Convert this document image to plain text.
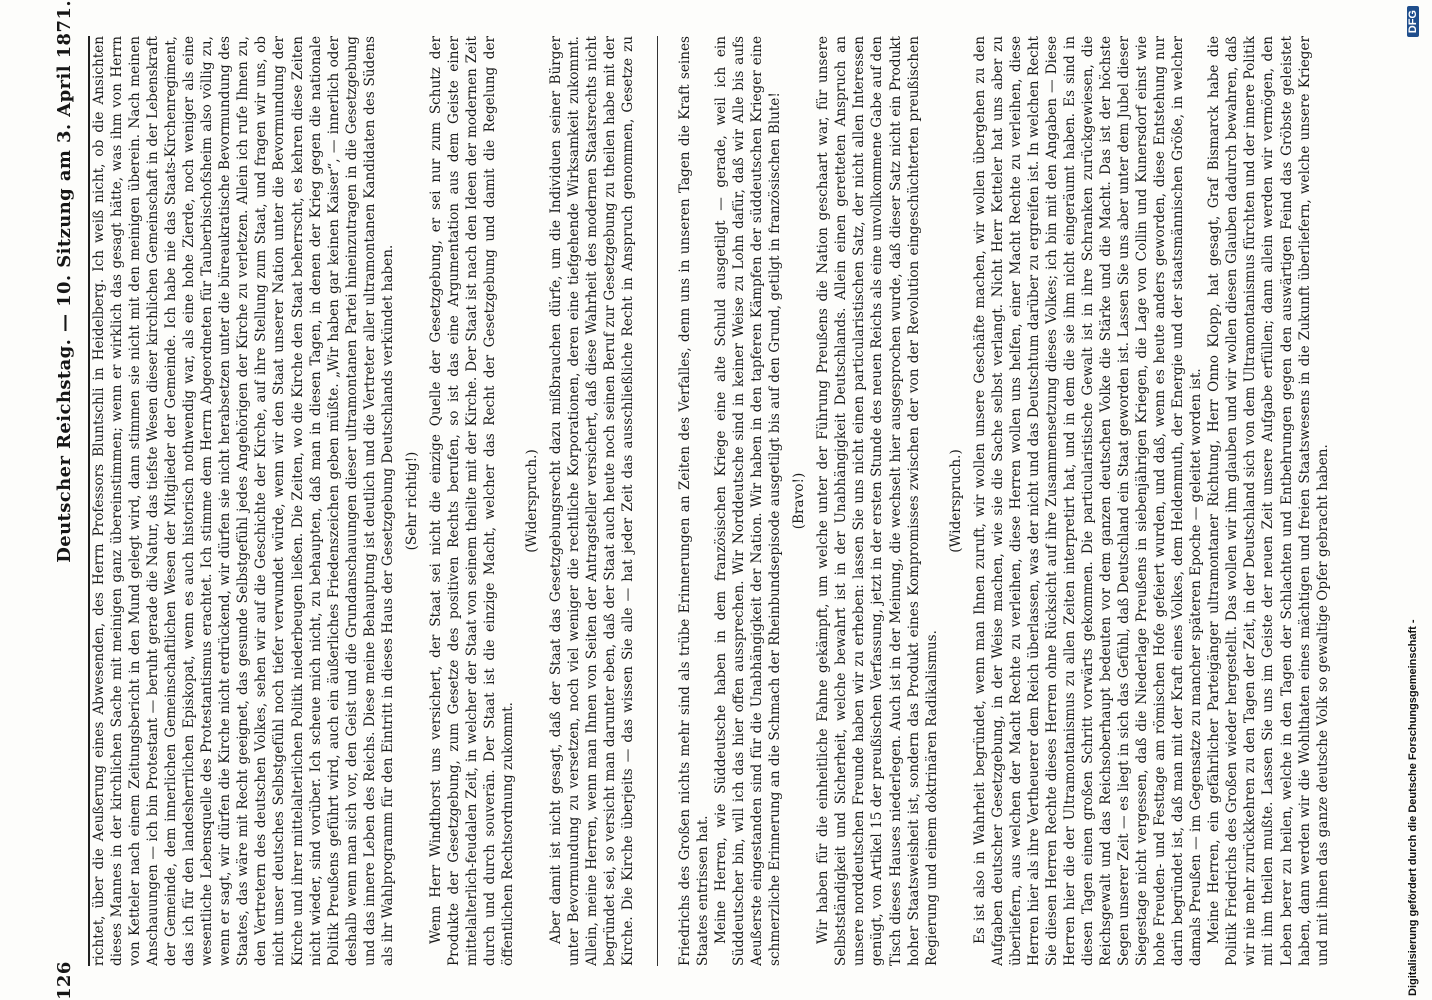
126
Deutscher Reichstag. — 10. Sitzung am 3. April 1871. richtet, über die Aeußerung eines Abwesenden, des Herrn Professors Bluntschli in Heidelberg. Ich weiß nicht, ob die Ansichten dieses Mannes in der kirchlichen Sache mit meinigen ganz übereinstimmen; wenn er wirklich das gesagt hätte, was ihm von Herrn von Ketteler nach einem Zeitungsbericht in den Mund gelegt wird, dann stimmen sie nicht mit den meinigen überein. Nach meinen Anschauungen — ich bin Protestant — beruht gerade die Natur, das tiefste Wesen dieser kirchlichen Gemeinschaft in der Lebenskraft der Gemeinde, dem innerlichen Gemeinschaftlichen Wesen der Mitglieder der Gemeinde. Ich habe nie das Staats-Kirchenregiment, das ich für den landesherrlichen Episkopat, wenn es auch historisch nothwendig war, als eine hohe Zierde, noch weniger als eine wesentliche Lebensquelle des Protestantismus erachtet. Ich stimme dem Herrn Abgeordneten für Tauberbischofsheim also völlig zu, wenn er sagt, wir dürfen die Kirche nicht erdrückend, wir dürfen sie nicht herabsetzen unter die büreaukratische Bevormundung des Staates, das wäre mit Recht geeignet, das gesunde Selbstgefühl jedes Angehörigen der Kirche zu verletzen. Allein ich rufe Ihnen zu, den Vertretern des deutschen Volkes, sehen wir auf die Geschichte der Kirche, auf ihre Stellung zum Staat, und fragen wir uns, ob nicht unser deutsches Selbstgefühl noch tiefer verwundet würde, wenn wir den Staat unserer Nation unter die Bevormundung der Kirche und ihrer mittelalterlichen Politik niederbeugen ließen. Die Zeiten, wo die Kirche den Staat beherrscht, es kehren diese Zeiten nicht wieder, sind vorüber. Ich scheue mich nicht, zu behaupten, daß man in diesen Tagen, in denen der Krieg gegen die nationale Politik Preußens geführt wird, auch ein äußerliches Friedenszeichen geben müßte. „Wir haben gar keinen Kaiser“, — innerlich oder deshalb wenn man sich vor, den Geist und die Grundanschauungen dieser ultramontanen Partei hineinzutragen in die Gesetzgebung und das innere Leben des Reichs. Diese meine Behauptung ist deutlich und die Vertreter aller ultramontanen Kandidaten des Südens als ihr Wahlprogramm für den Eintritt in dieses Haus der Gesetzgebung Deutschlands verkündet haben. (Sehr richtig!) Wenn Herr Windthorst uns versichert, der Staat sei nicht die einzige Quelle der Gesetzgebung, er sei nur zum Schutz der Produkte der Gesetzgebung, zum Gesetze des positiven Rechts berufen, so ist das eine Argumentation aus dem Geiste einer mittelalterlich-feudalen Zeit, in welcher der Staat von seinem theilte mit der Kirche. Der Staat ist nach den Ideen der modernen Zeit durch und durch souverän. Der Staat ist die einzige Macht, welcher das Recht der Gesetzgebung und damit die Regelung der öffentlichen Rechtsordnung zukommt.

(Widerspruch.)

Aber damit ist nicht gesagt, daß der Staat das Gesetzgebungsrecht dazu mißbrauchen dürfe, um die Individuen seiner Bürger unter Bevormundung zu versetzen, noch viel weniger die rechtliche Korporationen, deren eine tiefgehende Wirksamkeit zukommt. Allein, meine Herren, wenn man Ihnen von Seiten der Antragsteller versichert, daß diese Wahrheit des modernen Staatsrechts nicht begründet sei, so versicht man darunter eben, daß der Staat auch heute noch seinen Beruf zur Gesetzgebung zu theilen habe mit der Kirche. Die Kirche überjeits — das wissen Sie alle — hat jeder Zeit das ausschließliche Recht in Anspruch genommen, Gesetze zu	Friedrichs des Großen nichts mehr sind als trübe Erinnerungen an Zeiten des Verfalles, denn uns in unseren Tagen die Kraft seines Staates entrissen hat. Meine Herren, wie Süddeutsche haben in dem französischen Kriege eine alte Schuld ausgetilgt — gerade, weil ich ein Süddeutscher bin, will ich das hier offen aussprechen. Wir Norddeutsche sind in keiner Weise zu Lohn dafür, daß wir Alle bis aufs Aeußerste eingestanden sind für die Unabhängigkeit der Nation. Wir haben in den tapferen Kämpfen der süddeutschen Krieger eine schmerzliche Erinnerung an die Schmach der Rheinbundsepisode ausgetilgt bis auf den Grund, getilgt in französischen Blute! (Bravo!) Wir haben für die einheitliche Fahne gekämpft, um welche unter der Führung Preußens die Nation geschaart war, für unsere Selbstständigkeit und Sicherheit, welche bewahrt ist in der Unabhängigkeit Deutschlands. Allein einen geretteten Anspruch an unsere norddeutschen Freunde haben wir zu erheben: lassen Sie uns nicht einen particularistischen Satz, der nicht allen Interessen genügt, von Artikel 15 der preußischen Verfassung, jetzt in der ersten Stunde des neuen Reichs als eine unvollkommene Gabe auf den Tisch dieses Hauses niederlegen. Auch ist in der Meinung, die wechselt hier ausgesprochen wurde, daß dieser Satz nicht ein Produkt hoher Staatsweisheit ist, sondern das Produkt eines Kompromisses zwischen der von der Revolution eingeschüchterten preußischen Regierung und einem doktrinären Radikalismus.

(Widerspruch.) Es ist also in Wahrheit begründet, wenn man Ihnen zuruft, wir wollen unsere Geschäfte machen, wir wollen übergehen zu den Aufgaben deutscher Gesetzgebung, in der Weise machen, wie sie die Sache selbst verlangt. Nicht Herr Ketteler hat uns aber zu überliefern, aus welchen der Macht Rechte zu verleihen, diese Herren wollen uns helfen, einer Macht Rechte zu verleihen, diese Herren hier als ihre Vertheuerer dem Reich überlassen, was der nicht und das Deutschtum darüber zu ergreifen ist. In welchen Recht Sie diesen Herren Rechte dieses Herren ohne Rücksicht auf ihre Zusammensetzung dieses Volkes; ich bin mit den Angaben — Diese Herren hier die der Ultramontanismus zu allen Zeiten interpretirt hat, und in dem die sie ihm nicht eingeräumt haben. Es sind in diesen Tagen einen großen Schritt vorwärts gekommen. Die particularistische Gewalt ist in ihre Schranken zurückgewiesen, die Reichsgewalt und das Reichsoberhaupt bedeuten vor dem ganzen deutschen Volke die Stärke und die Macht. Das ist der höchste Segen unserer Zeit — es liegt in sich das Gefühl, daß Deutschland ein Staat geworden ist. Lassen Sie uns aber unter dem Jubel dieser Siegestage nicht vergessen, daß die Niederlage Preußens in siebenjährigen Kriegen, die Lage von Collin und Kunersdorf einst wie hohe Freuden- und Festtage am römischen Hofe gefeiert wurden, und daß, wenn es heute anders geworden, diese Entstehung nur darin begründet ist, daß man mit der Kraft eines Volkes, dem Heldenmuth, der Energie und der staatsmännischen Größe, in welcher damals Preußen — im Gegensatze zu mancher späteren Epoche — geleitet worden ist. Meine Herren, ein gefährlicher Parteigänger ultramontaner Richtung, Herr Onno Klopp, hat gesagt, Graf Bismarck habe die Politik Friedrichs des Großen wieder hergestellt. Das wollen wir ihm glauben und wir wollen diesen Glauben dadurch bewahren, daß wir nie mehr zurückkehren zu den Tagen der Zeit, in der Deutschland sich von dem Ultramontanismus fürchten und der innere Politik mit ihm theilen mußte. Lassen Sie uns im Geiste der neuen Zeit unsere Aufgabe erfüllen; dann allein werden wir vermögen, den Leben berer zu heilen, welche in den Tagen der Schlachten und Entbehrungen gegen den auswärtigen Feind das Gröbste geleistet haben, dann werden wir die Wohlthaten eines mächtigen und freien Staatswesens in die Zukunft überliefern, welche unsere Krieger und mit ihnen das ganze deutsche Volk so gewaltige Opfer gebracht haben.	Digitalisierung gefördert durch die Deutsche Forschungsgemeinschaft -
DFG
